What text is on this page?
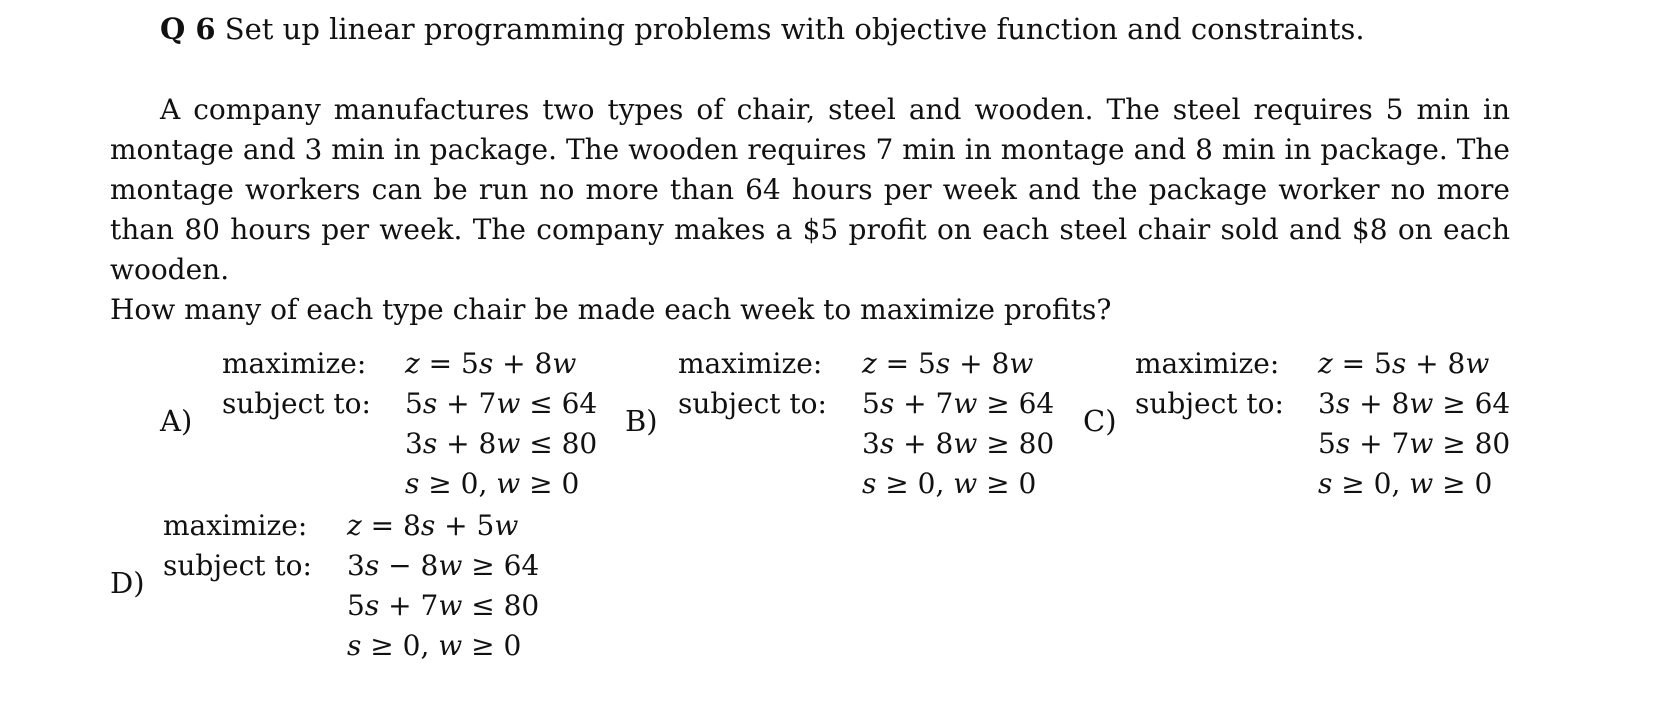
Q 6 Set up linear programming problems with objective function and constraints.
A company manufactures two types of chair, steel and wooden. The steel requires 5 min in montage and 3 min in package. The wooden requires 7 min in montage and 8 min in package. The montage workers can be run no more than 64 hours per week and the package worker no more than 80 hours per week. The company makes a $5 profit on each steel chair sold and $8 on each wooden.
How many of each type chair be made each week to maximize profits?
A)
maximize: z = 5s + 8w
subject to: 5s + 7w ≤ 64
3s + 8w ≤ 80
s ≥ 0, w ≥ 0
B)
maximize: z = 5s + 8w
subject to: 5s + 7w ≥ 64
3s + 8w ≥ 80
s ≥ 0, w ≥ 0
C)
maximize: z = 5s + 8w
subject to: 3s + 8w ≥ 64
5s + 7w ≥ 80
s ≥ 0, w ≥ 0
D)
maximize: z = 8s + 5w
subject to: 3s − 8w ≥ 64
5s + 7w ≤ 80
s ≥ 0, w ≥ 0
